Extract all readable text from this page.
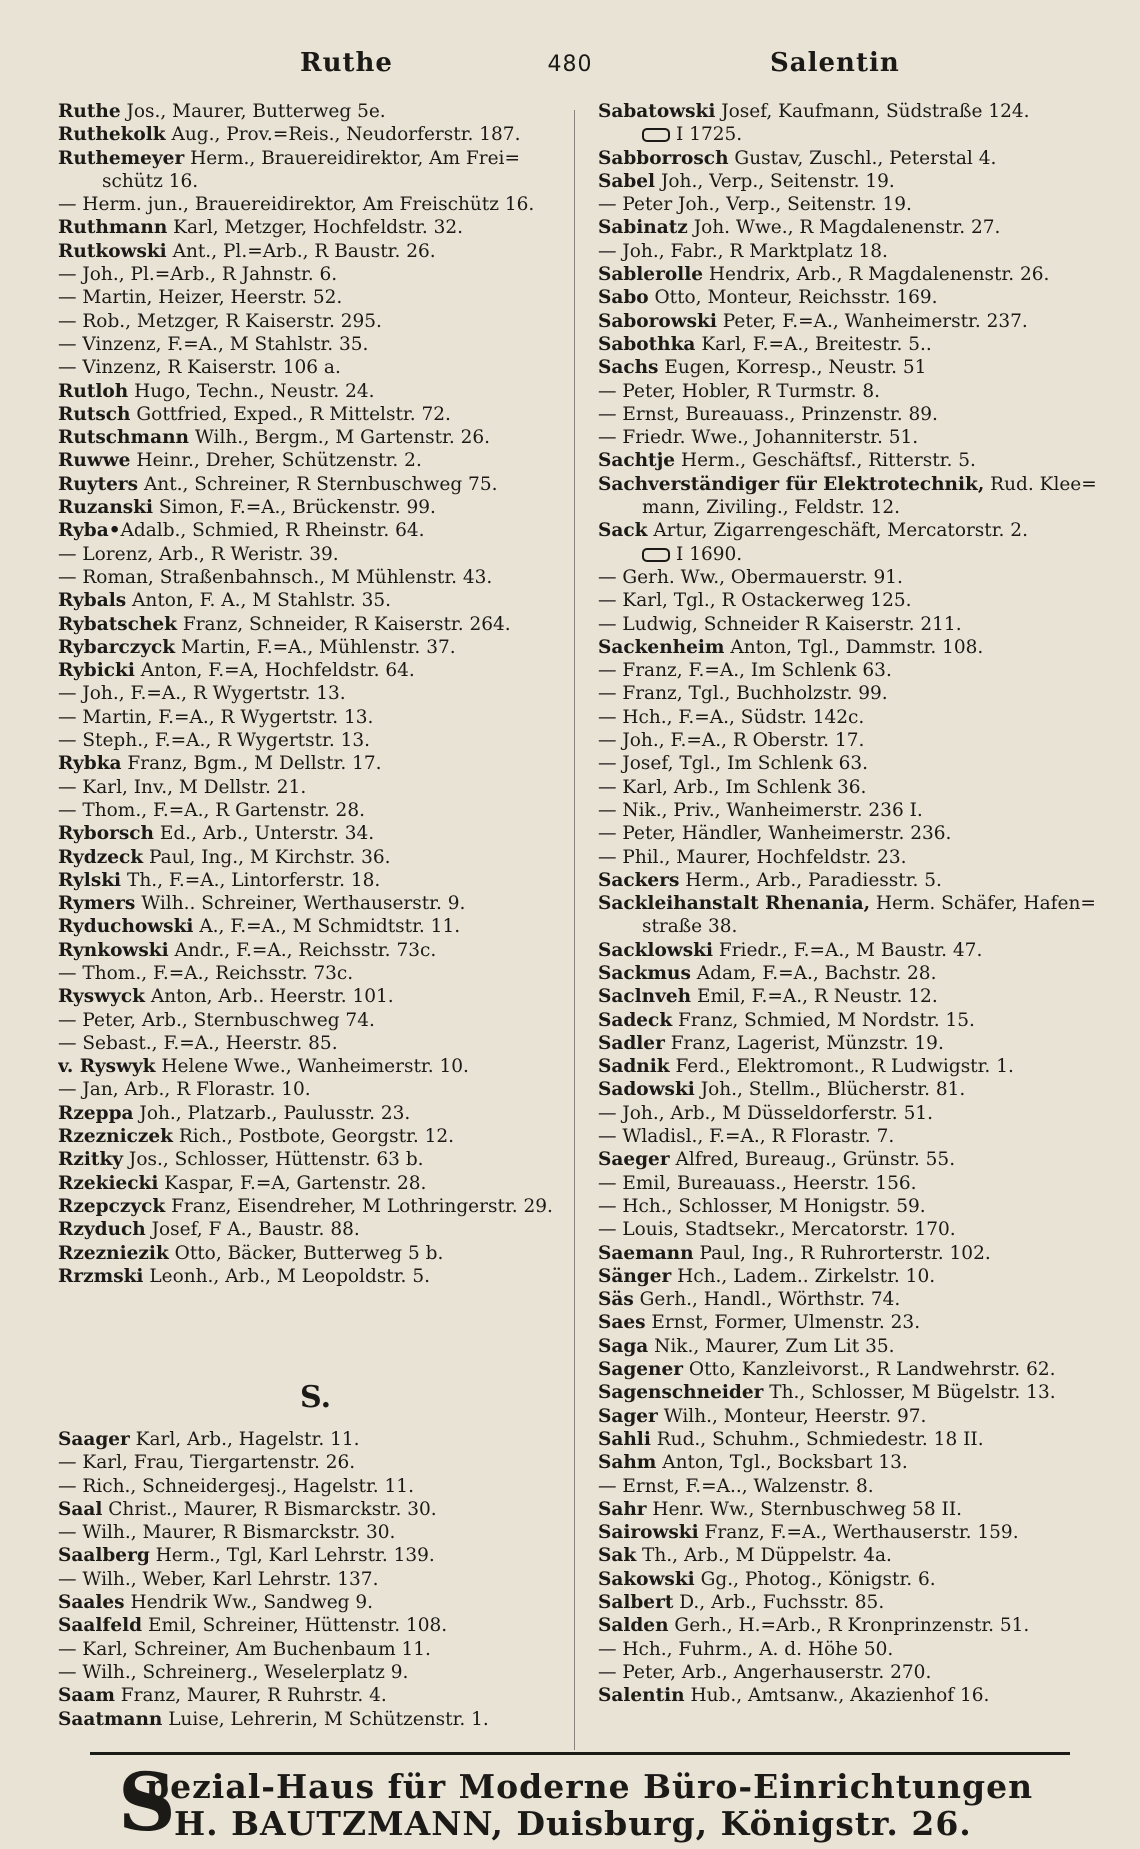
Ruthe	480	Salentin
Ruthe Jos., Maurer, Butterweg 5e.
Ruthekolk Aug., Prov.=Reis., Neudorferstr. 187.
Ruthemeyer Herm., Brauereidirektor, Am Frei=
schütz 16.
— Herm. jun., Brauereidirektor, Am Freischütz 16.
Ruthmann Karl, Metzger, Hochfeldstr. 32.
Rutkowski Ant., Pl.=Arb., R Baustr. 26.
— Joh., Pl.=Arb., R Jahnstr. 6.
— Martin, Heizer, Heerstr. 52.
— Rob., Metzger, R Kaiserstr. 295.
— Vinzenz, F.=A., M Stahlstr. 35.
— Vinzenz, R Kaiserstr. 106 a.
Rutloh Hugo, Techn., Neustr. 24.
Rutsch Gottfried, Exped., R Mittelstr. 72.
Rutschmann Wilh., Bergm., M Gartenstr. 26.
Ruwwe Heinr., Dreher, Schützenstr. 2.
Ruyters Ant., Schreiner, R Sternbuschweg 75.
Ruzanski Simon, F.=A., Brückenstr. 99.
Ryba•Adalb., Schmied, R Rheinstr. 64.
— Lorenz, Arb., R Weristr. 39.
— Roman, Straßenbahnsch., M Mühlenstr. 43.
Rybals Anton, F. A., M Stahlstr. 35.
Rybatschek Franz, Schneider, R Kaiserstr. 264.
Rybarczyck Martin, F.=A., Mühlenstr. 37.
Rybicki Anton, F.=A, Hochfeldstr. 64.
— Joh., F.=A., R Wygertstr. 13.
— Martin, F.=A., R Wygertstr. 13.
— Steph., F.=A., R Wygertstr. 13.
Rybka Franz, Bgm., M Dellstr. 17.
— Karl, Inv., M Dellstr. 21.
— Thom., F.=A., R Gartenstr. 28.
Ryborsch Ed., Arb., Unterstr. 34.
Rydzeck Paul, Ing., M Kirchstr. 36.
Rylski Th., F.=A., Lintorferstr. 18.
Rymers Wilh.. Schreiner, Werthauserstr. 9.
Ryduchowski A., F.=A., M Schmidtstr. 11.
Rynkowski Andr., F.=A., Reichsstr. 73c.
— Thom., F.=A., Reichsstr. 73c.
Ryswyck Anton, Arb.. Heerstr. 101.
— Peter, Arb., Sternbuschweg 74.
— Sebast., F.=A., Heerstr. 85.
v. Ryswyk Helene Wwe., Wanheimerstr. 10.
— Jan, Arb., R Florastr. 10.
Rzeppa Joh., Platzarb., Paulusstr. 23.
Rzezniczek Rich., Postbote, Georgstr. 12.
Rzitky Jos., Schlosser, Hüttenstr. 63 b.
Rzekiecki Kaspar, F.=A, Gartenstr. 28.
Rzepczyck Franz, Eisendreher, M Lothringerstr. 29.
Rzyduch Josef, F A., Baustr. 88.
Rzezniezik Otto, Bäcker, Butterweg 5 b.
Rrzmski Leonh., Arb., M Leopoldstr. 5.
S.
Saager Karl, Arb., Hagelstr. 11.
— Karl, Frau, Tiergartenstr. 26.
— Rich., Schneidergesj., Hagelstr. 11.
Saal Christ., Maurer, R Bismarckstr. 30.
— Wilh., Maurer, R Bismarckstr. 30.
Saalberg Herm., Tgl, Karl Lehrstr. 139.
— Wilh., Weber, Karl Lehrstr. 137.
Saales Hendrik Ww., Sandweg 9.
Saalfeld Emil, Schreiner, Hüttenstr. 108.
— Karl, Schreiner, Am Buchenbaum 11.
— Wilh., Schreinerg., Weselerplatz 9.
Saam Franz, Maurer, R Ruhrstr. 4.
Saatmann Luise, Lehrerin, M Schützenstr. 1.
Sabatowski Josef, Kaufmann, Südstraße 124.
I 1725.
Sabborrosch Gustav, Zuschl., Peterstal 4.
Sabel Joh., Verp., Seitenstr. 19.
— Peter Joh., Verp., Seitenstr. 19.
Sabinatz Joh. Wwe., R Magdalenenstr. 27.
— Joh., Fabr., R Marktplatz 18.
Sablerolle Hendrix, Arb., R Magdalenenstr. 26.
Sabo Otto, Monteur, Reichsstr. 169.
Saborowski Peter, F.=A., Wanheimerstr. 237.
Sabothka Karl, F.=A., Breitestr. 5..
Sachs Eugen, Korresp., Neustr. 51
— Peter, Hobler, R Turmstr. 8.
— Ernst, Bureauass., Prinzenstr. 89.
— Friedr. Wwe., Johanniterstr. 51.
Sachtje Herm., Geschäftsf., Ritterstr. 5.
Sachverständiger für Elektrotechnik, Rud. Klee=
mann, Ziviling., Feldstr. 12.
Sack Artur, Zigarrengeschäft, Mercatorstr. 2.
I 1690.
— Gerh. Ww., Obermauerstr. 91.
— Karl, Tgl., R Ostackerweg 125.
— Ludwig, Schneider R Kaiserstr. 211.
Sackenheim Anton, Tgl., Dammstr. 108.
— Franz, F.=A., Im Schlenk 63.
— Franz, Tgl., Buchholzstr. 99.
— Hch., F.=A., Südstr. 142c.
— Joh., F.=A., R Oberstr. 17.
— Josef, Tgl., Im Schlenk 63.
— Karl, Arb., Im Schlenk 36.
— Nik., Priv., Wanheimerstr. 236 I.
— Peter, Händler, Wanheimerstr. 236.
— Phil., Maurer, Hochfeldstr. 23.
Sackers Herm., Arb., Paradiesstr. 5.
Sackleihanstalt Rhenania, Herm. Schäfer, Hafen=
straße 38.
Sacklowski Friedr., F.=A., M Baustr. 47.
Sackmus Adam, F.=A., Bachstr. 28.
Saclnveh Emil, F.=A., R Neustr. 12.
Sadeck Franz, Schmied, M Nordstr. 15.
Sadler Franz, Lagerist, Münzstr. 19.
Sadnik Ferd., Elektromont., R Ludwigstr. 1.
Sadowski Joh., Stellm., Blücherstr. 81.
— Joh., Arb., M Düsseldorferstr. 51.
— Wladisl., F.=A., R Florastr. 7.
Saeger Alfred, Bureaug., Grünstr. 55.
— Emil, Bureauass., Heerstr. 156.
— Hch., Schlosser, M Honigstr. 59.
— Louis, Stadtsekr., Mercatorstr. 170.
Saemann Paul, Ing., R Ruhrorterstr. 102.
Sänger Hch., Ladem.. Zirkelstr. 10.
Säs Gerh., Handl., Wörthstr. 74.
Saes Ernst, Former, Ulmenstr. 23.
Saga Nik., Maurer, Zum Lit 35.
Sagener Otto, Kanzleivorst., R Landwehrstr. 62.
Sagenschneider Th., Schlosser, M Bügelstr. 13.
Sager Wilh., Monteur, Heerstr. 97.
Sahli Rud., Schuhm., Schmiedestr. 18 II.
Sahm Anton, Tgl., Bocksbart 13.
— Ernst, F.=A.., Walzenstr. 8.
Sahr Henr. Ww., Sternbuschweg 58 II.
Sairowski Franz, F.=A., Werthauserstr. 159.
Sak Th., Arb., M Düppelstr. 4a.
Sakowski Gg., Photog., Königstr. 6.
Salbert D., Arb., Fuchsstr. 85.
Salden Gerh., H.=Arb., R Kronprinzenstr. 51.
— Hch., Fuhrm., A. d. Höhe 50.
— Peter, Arb., Angerhauserstr. 270.
Salentin Hub., Amtsanw., Akazienhof 16.
S
pezial-Haus für Moderne Büro-Einrichtungen
H. BAUTZMANN, Duisburg, Königstr. 26.
